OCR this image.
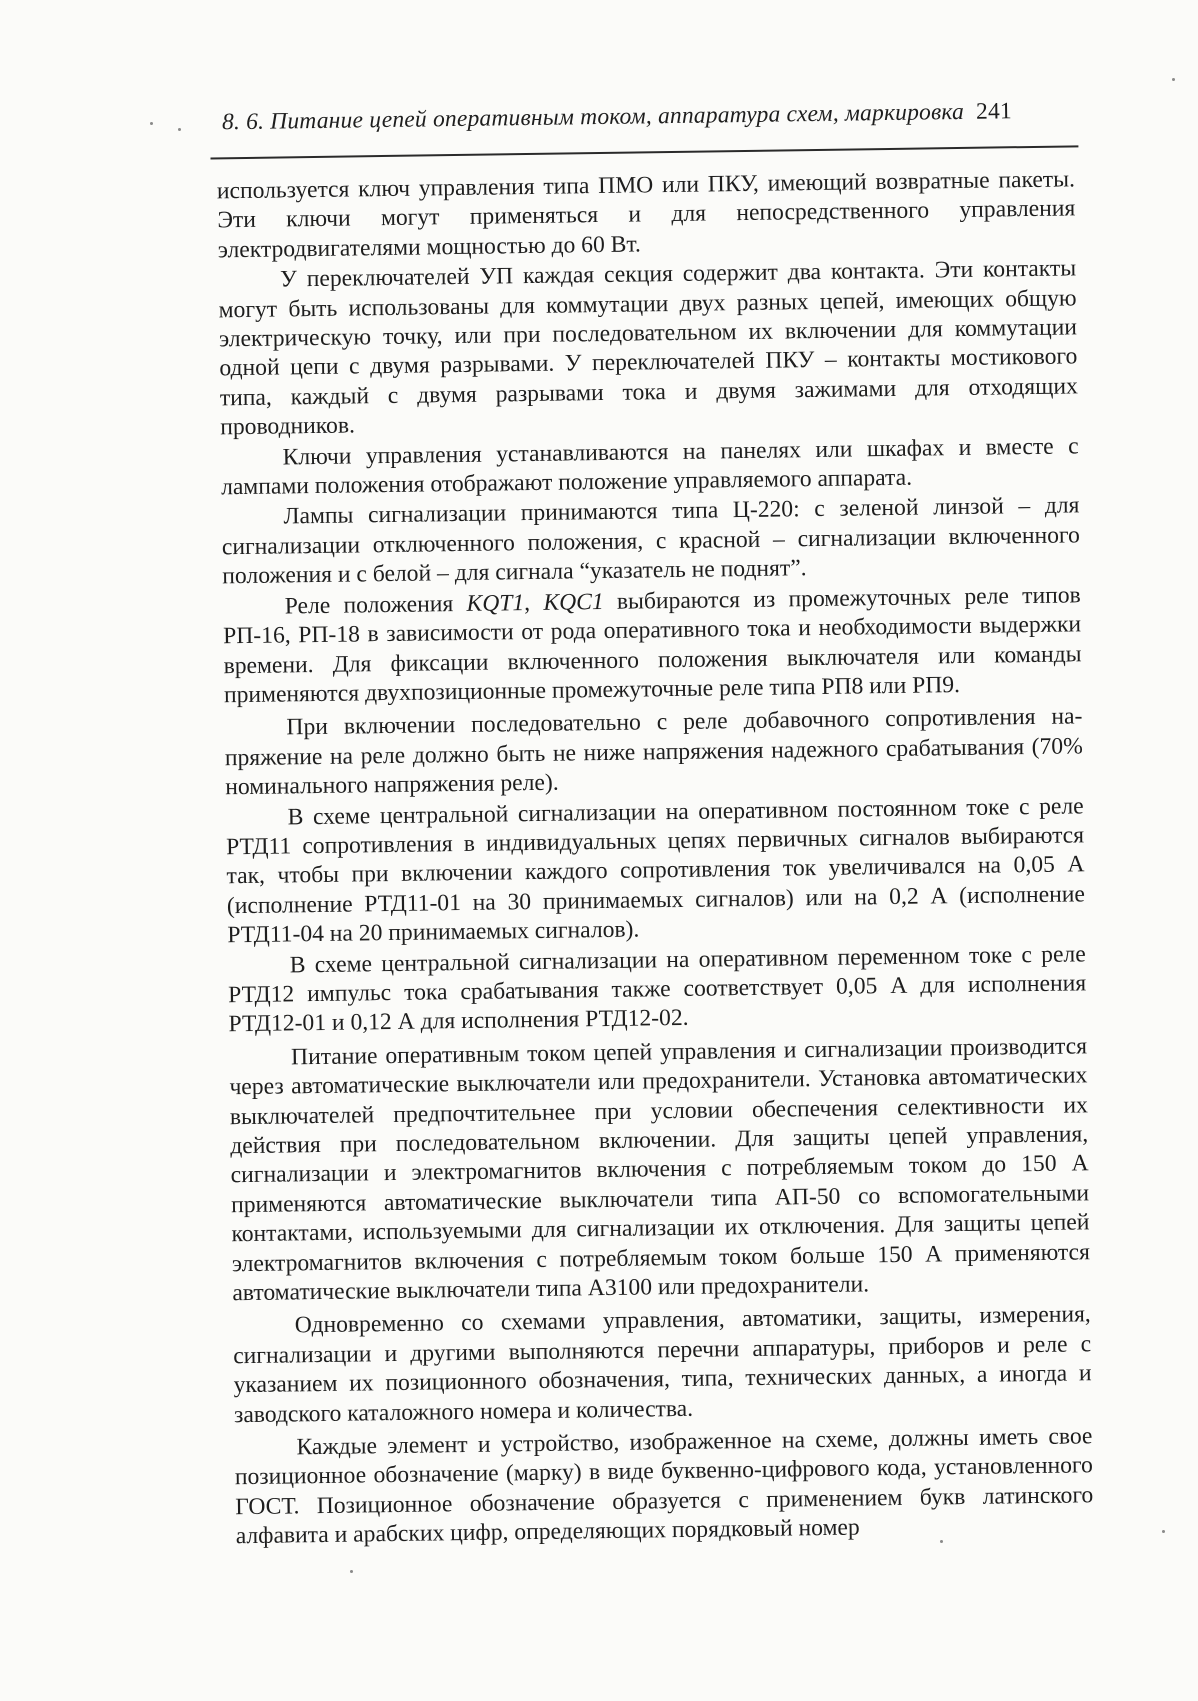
8. 6. Питание цепей оперативным током, аппаратура схем, маркировка 241

используется ключ управления типа ПМО или ПКУ, имеющий возвратные пакеты. Эти ключи могут применяться и для непосредственного управления электродвигателями мощностью до 60 Вт.

У переключателей УП каждая секция содержит два контакта. Эти контакты могут быть использованы для коммутации двух разных цепей, имеющих общую электрическую точку, или при последовательном их включении для коммутации одной цепи с двумя разрывами. У переключателей ПКУ – контакты мостикового типа, каждый с двумя разрывами тока и двумя зажимами для отходящих проводников.

Ключи управления устанавливаются на панелях или шкафах и вместе с лампами положения отображают положение управляемого аппарата.

Лампы сигнализации принимаются типа Ц-220: с зеленой линзой – для сигнализации отключенного положения, с красной – сигнализации включенного положения и с белой – для сигнала “указатель не поднят”.

Реле положения KQT1, KQC1 выбираются из промежуточных реле типов РП-16, РП-18 в зависимости от рода оперативного тока и необходимости выдержки времени. Для фиксации включенного положения выключателя или команды применяются двухпозиционные промежуточные реле типа РП8 или РП9.

При включении последовательно с реле добавочного сопротивления напряжение на реле должно быть не ниже напряжения надежного срабатывания (70% номинального напряжения реле).

В схеме центральной сигнализации на оперативном постоянном токе с реле РТД11 сопротивления в индивидуальных цепях первичных сигналов выбираются так, чтобы при включении каждого сопротивления ток увеличивался на 0,05 А (исполнение РТД11-01 на 30 принимаемых сигналов) или на 0,2 А (исполнение РТД11-04 на 20 принимаемых сигналов).

В схеме центральной сигнализации на оперативном переменном токе с реле РТД12 импульс тока срабатывания также соответствует 0,05 А для исполнения РТД12-01 и 0,12 А для исполнения РТД12-02.

Питание оперативным током цепей управления и сигнализации производится через автоматические выключатели или предохранители. Установка автоматических выключателей предпочтительнее при условии обеспечения селективности их действия при последовательном включении. Для защиты цепей управления, сигнализации и электромагнитов включения с потребляемым током до 150 А применяются автоматические выключатели типа АП-50 со вспомогательными контактами, используемыми для сигнализации их отключения. Для защиты цепей электромагнитов включения с потребляемым током больше 150 А применяются автоматические выключатели типа А3100 или предохранители.

Одновременно со схемами управления, автоматики, защиты, измерения, сигнализации и другими выполняются перечни аппаратуры, приборов и реле с указанием их позиционного обозначения, типа, технических данных, а иногда и заводского каталожного номера и количества.

Каждые элемент и устройство, изображенное на схеме, должны иметь свое позиционное обозначение (марку) в виде буквенно-цифрового кода, установленного ГОСТ. Позиционное обозначение образуется с применением букв латинского алфавита и арабских цифр, определяющих порядковый номер
